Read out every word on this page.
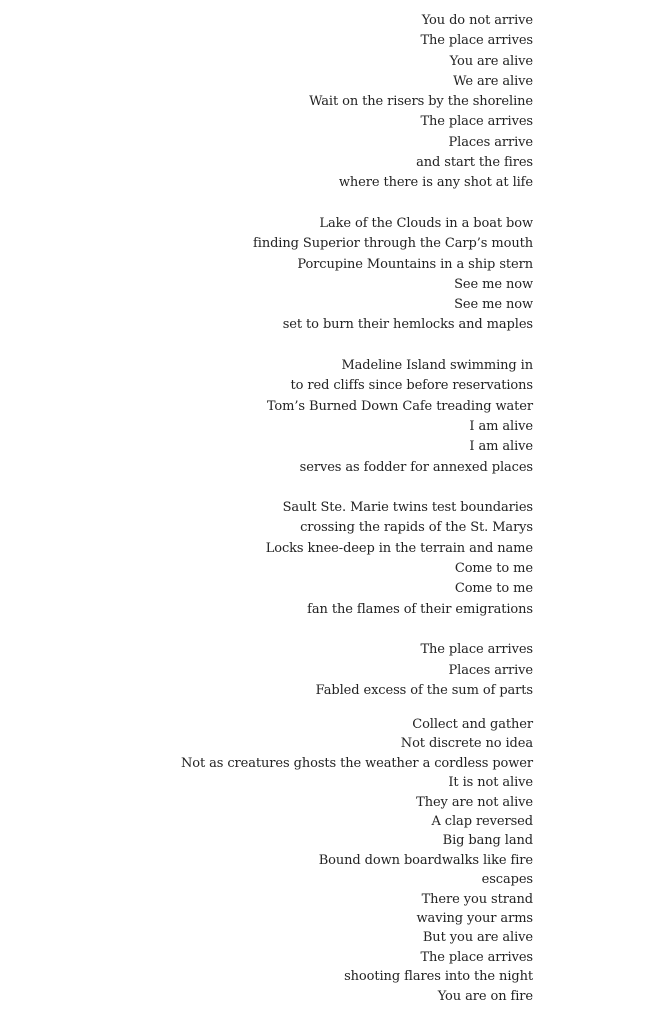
You do not arrive
The place arrives
You are alive
We are alive
Wait on the risers by the shoreline
The place arrives
Places arrive
and start the fires
where there is any shot at life
Lake of the Clouds in a boat bow
finding Superior through the Carp’s mouth
Porcupine Mountains in a ship stern
See me now
See me now
set to burn their hemlocks and maples
Madeline Island swimming in
to red cliffs since before reservations
Tom’s Burned Down Cafe treading water
I am alive
I am alive
serves as fodder for annexed places
Sault Ste. Marie twins test boundaries
crossing the rapids of the St. Marys
Locks knee-deep in the terrain and name
Come to me
Come to me
fan the flames of their emigrations
The place arrives
Places arrive
Fabled excess of the sum of parts
Collect and gather
Not discrete no idea
Not as creatures ghosts the weather a cordless power
It is not alive
They are not alive
A clap reversed
Big bang land
Bound down boardwalks like fire
escapes
There you strand
waving your arms
But you are alive
The place arrives
shooting flares into the night
You are on fire
